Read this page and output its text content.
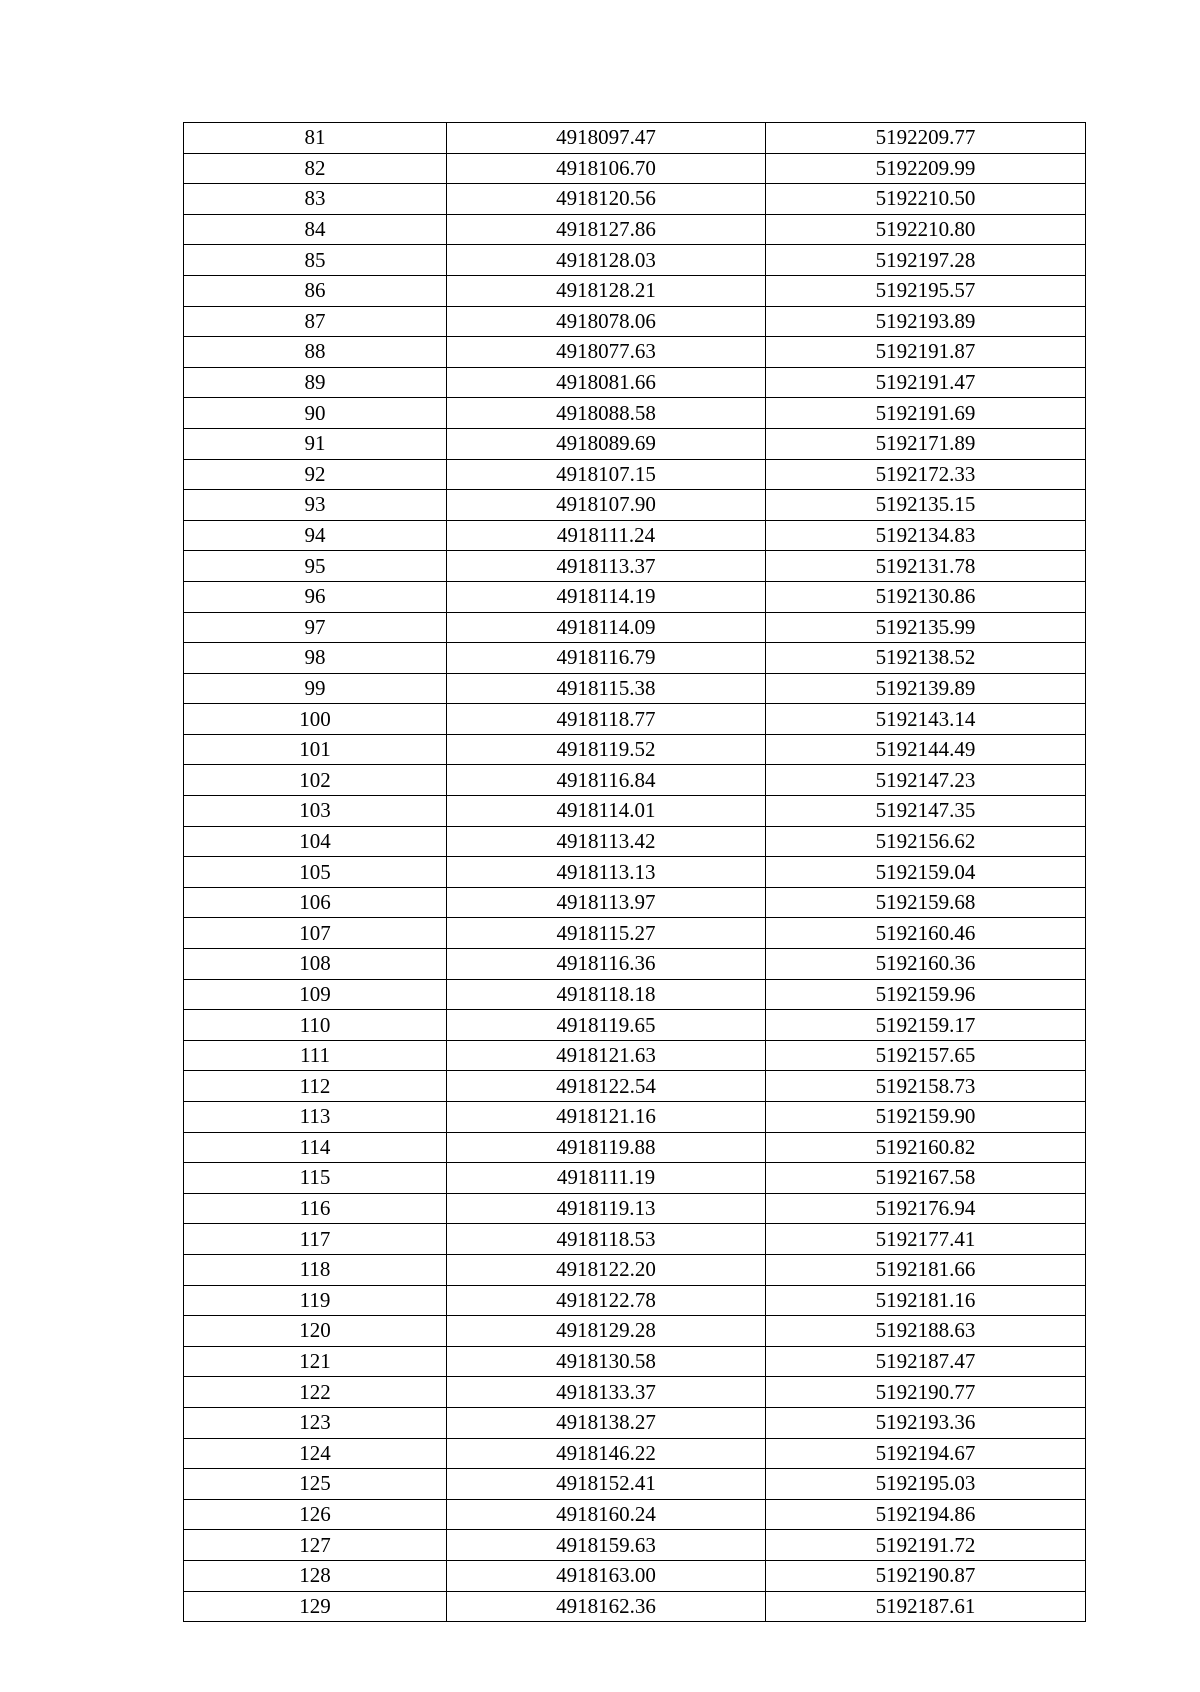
81	4918097.47	5192209.77
82	4918106.70	5192209.99
83	4918120.56	5192210.50
84	4918127.86	5192210.80
85	4918128.03	5192197.28
86	4918128.21	5192195.57
87	4918078.06	5192193.89
88	4918077.63	5192191.87
89	4918081.66	5192191.47
90	4918088.58	5192191.69
91	4918089.69	5192171.89
92	4918107.15	5192172.33
93	4918107.90	5192135.15
94	4918111.24	5192134.83
95	4918113.37	5192131.78
96	4918114.19	5192130.86
97	4918114.09	5192135.99
98	4918116.79	5192138.52
99	4918115.38	5192139.89
100	4918118.77	5192143.14
101	4918119.52	5192144.49
102	4918116.84	5192147.23
103	4918114.01	5192147.35
104	4918113.42	5192156.62
105	4918113.13	5192159.04
106	4918113.97	5192159.68
107	4918115.27	5192160.46
108	4918116.36	5192160.36
109	4918118.18	5192159.96
110	4918119.65	5192159.17
111	4918121.63	5192157.65
112	4918122.54	5192158.73
113	4918121.16	5192159.90
114	4918119.88	5192160.82
115	4918111.19	5192167.58
116	4918119.13	5192176.94
117	4918118.53	5192177.41
118	4918122.20	5192181.66
119	4918122.78	5192181.16
120	4918129.28	5192188.63
121	4918130.58	5192187.47
122	4918133.37	5192190.77
123	4918138.27	5192193.36
124	4918146.22	5192194.67
125	4918152.41	5192195.03
126	4918160.24	5192194.86
127	4918159.63	5192191.72
128	4918163.00	5192190.87
129	4918162.36	5192187.61
